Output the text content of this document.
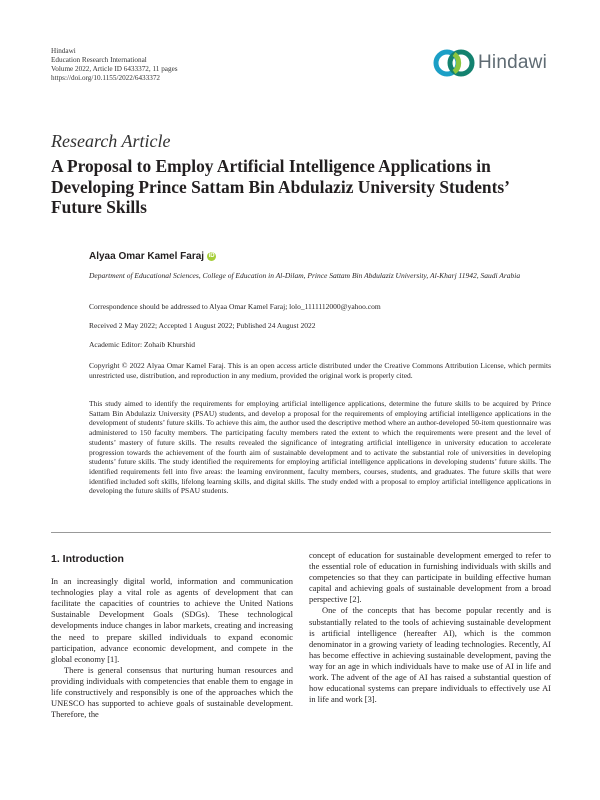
Hindawi
Education Research International
Volume 2022, Article ID 6433372, 11 pages
https://doi.org/10.1155/2022/6433372
Hindawi
Research Article
A Proposal to Employ Artificial Intelligence Applications in Developing Prince Sattam Bin Abdulaziz University Students’ Future Skills
Alyaa Omar Kamel Faraj iD
Department of Educational Sciences, College of Education in Al-Dilam, Prince Sattam Bin Abdulaziz University, Al-Kharj 11942, Saudi Arabia
Correspondence should be addressed to Alyaa Omar Kamel Faraj; lolo_1111112000@yahoo.com
Received 2 May 2022; Accepted 1 August 2022; Published 24 August 2022
Academic Editor: Zohaib Khurshid
Copyright © 2022 Alyaa Omar Kamel Faraj. This is an open access article distributed under the Creative Commons Attribution License, which permits unrestricted use, distribution, and reproduction in any medium, provided the original work is properly cited.
This study aimed to identify the requirements for employing artificial intelligence applications, determine the future skills to be acquired by Prince Sattam Bin Abdulaziz University (PSAU) students, and develop a proposal for the requirements of employing artificial intelligence applications in the development of students’ future skills. To achieve this aim, the author used the descriptive method where an author-developed 50-item questionnaire was administered to 150 faculty members. The participating faculty members rated the extent to which the requirements were present and the level of students’ mastery of future skills. The results revealed the significance of integrating artificial intelligence in university education to accelerate progression towards the achievement of the fourth aim of sustainable development and to activate the substantial role of universities in developing students’ future skills. The study identified the requirements for employing artificial intelligence applications in developing students’ future skills. The identified requirements fell into five areas: the learning environment, faculty members, courses, students, and graduates. The future skills that were identified included soft skills, lifelong learning skills, and digital skills. The study ended with a proposal to employ artificial intelligence applications in developing the future skills of PSAU students.
1. Introduction

In an increasingly digital world, information and communication technologies play a vital role as agents of development that can facilitate the capacities of countries to achieve the United Nations Sustainable Development Goals (SDGs). These technological developments induce changes in labor markets, creating and increasing the need to prepare skilled individuals to expand economic participation, advance economic development, and compete in the global economy [1].

There is general consensus that nurturing human resources and providing individuals with competencies that enable them to engage in life constructively and responsibly is one of the approaches which the UNESCO has supported to achieve goals of sustainable development. Therefore, the

concept of education for sustainable development emerged to refer to the essential role of education in furnishing individuals with skills and competencies so that they can participate in building effective human capital and achieving goals of sustainable development from a broad perspective [2].

One of the concepts that has become popular recently and is substantially related to the tools of achieving sustainable development is artificial intelligence (hereafter AI), which is the common denominator in a growing variety of leading technologies. Recently, AI has become effective in achieving sustainable development, paving the way for an age in which individuals have to make use of AI in life and work. The advent of the age of AI has raised a substantial question of how educational systems can prepare individuals to effectively use AI in life and work [3].
